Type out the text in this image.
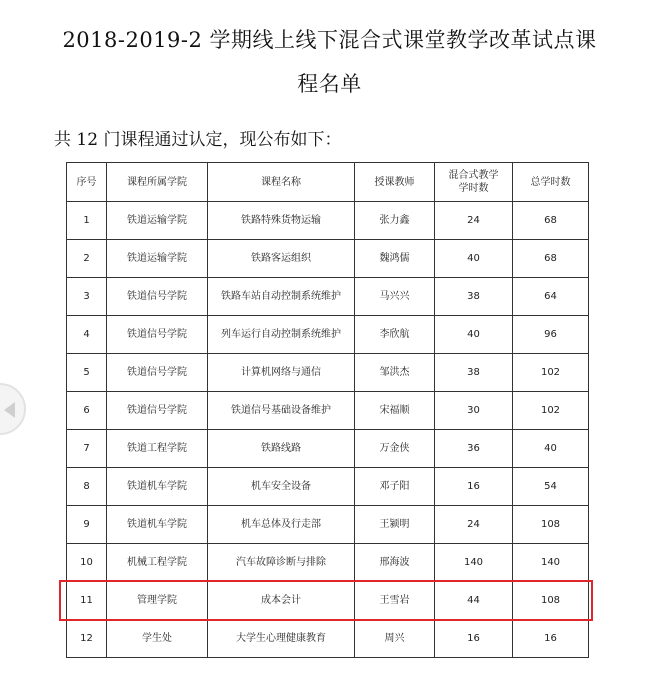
2018-2019-2 学期线上线下混合式课堂教学改革试点课
程名单
共 12 门课程通过认定，现公布如下：
序号	课程所属学院	课程名称	授课教师	混合式教学学时数	总学时数
1	铁道运输学院	铁路特殊货物运输	张力鑫	24	68
2	铁道运输学院	铁路客运组织	魏鸿儒	40	68
3	铁道信号学院	铁路车站自动控制系统维护	马兴兴	38	64
4	铁道信号学院	列车运行自动控制系统维护	李欣航	40	96
5	铁道信号学院	计算机网络与通信	邹洪杰	38	102
6	铁道信号学院	铁道信号基础设备维护	宋福顺	30	102
7	铁道工程学院	铁路线路	万金侠	36	40
8	铁道机车学院	机车安全设备	邓子阳	16	54
9	铁道机车学院	机车总体及行走部	王颍明	24	108
10	机械工程学院	汽车故障诊断与排除	邢海波	140	140
11	管理学院	成本会计	王雪岩	44	108
12	学生处	大学生心理健康教育	周兴	16	16
